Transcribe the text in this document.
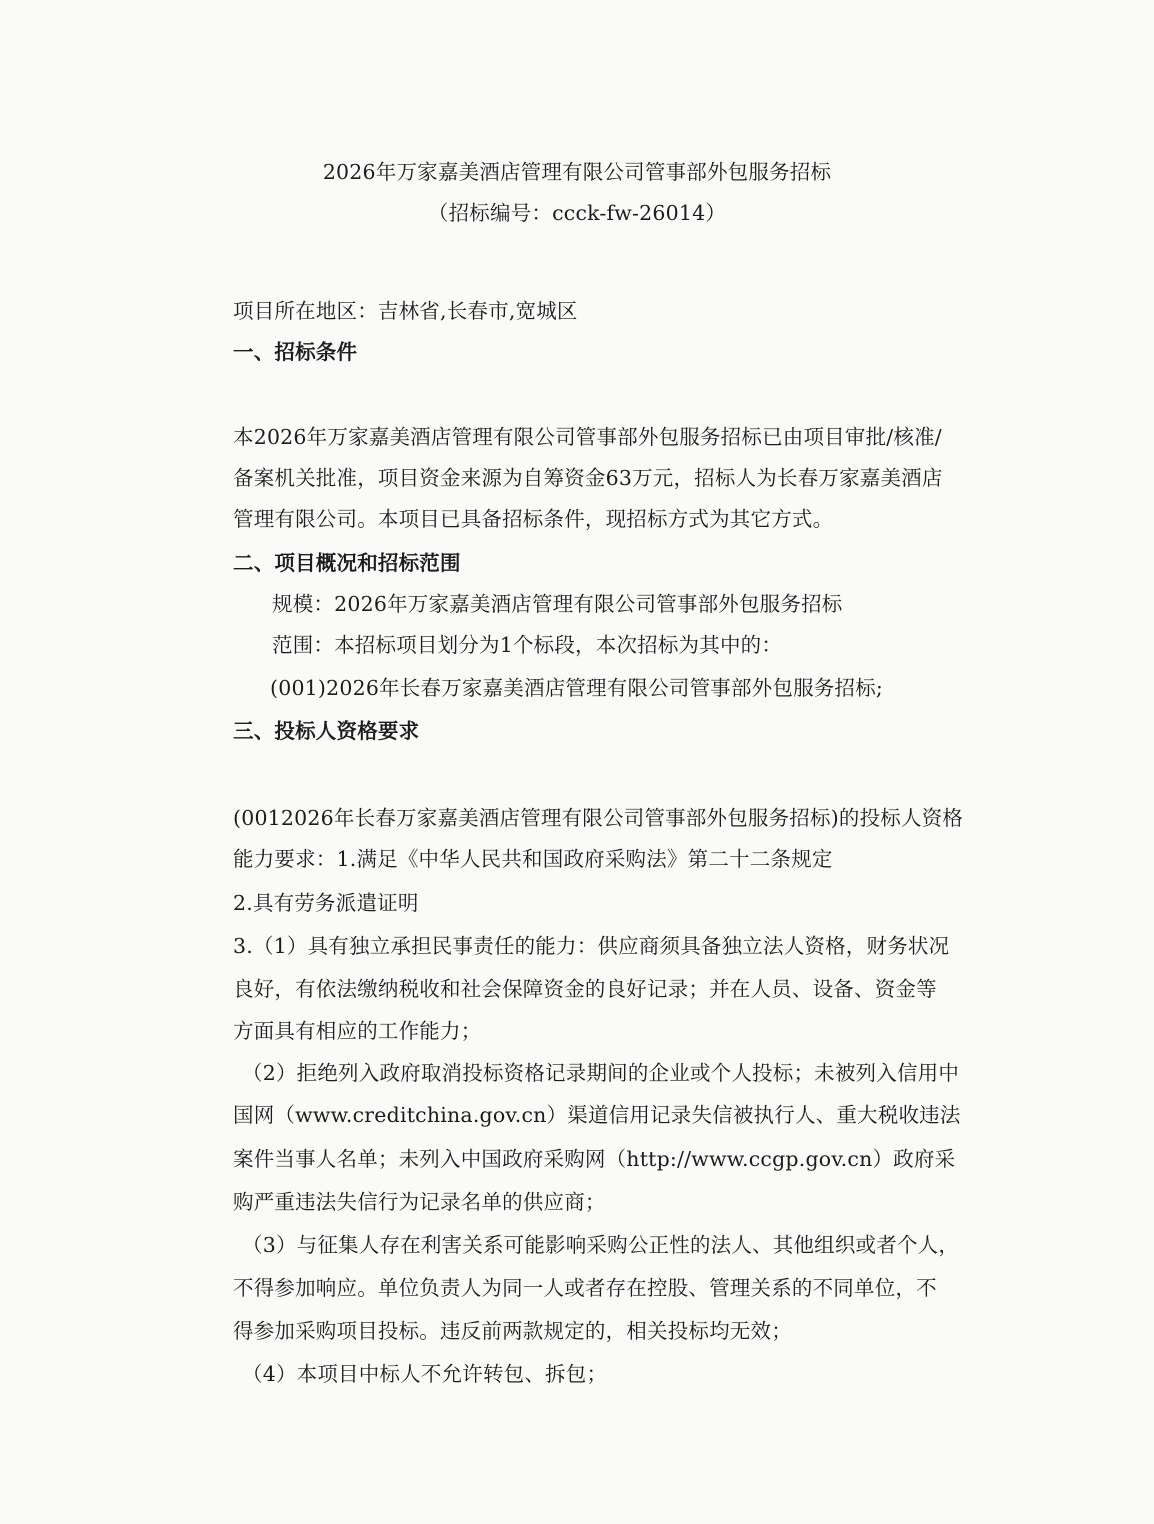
2026年万家嘉美酒店管理有限公司管事部外包服务招标
（招标编号：ccck-fw-26014）
项目所在地区：吉林省,长春市,宽城区
一、招标条件
本2026年万家嘉美酒店管理有限公司管事部外包服务招标已由项目审批/核准/
备案机关批准，项目资金来源为自筹资金63万元，招标人为长春万家嘉美酒店
管理有限公司。本项目已具备招标条件，现招标方式为其它方式。
二、项目概况和招标范围
规模：2026年万家嘉美酒店管理有限公司管事部外包服务招标
范围：本招标项目划分为1个标段，本次招标为其中的：
(001)2026年长春万家嘉美酒店管理有限公司管事部外包服务招标;
三、投标人资格要求
(0012026年长春万家嘉美酒店管理有限公司管事部外包服务招标)的投标人资格
能力要求：1.满足《中华人民共和国政府采购法》第二十二条规定
2.具有劳务派遣证明
3.（1）具有独立承担民事责任的能力：供应商须具备独立法人资格，财务状况
良好，有依法缴纳税收和社会保障资金的良好记录；并在人员、设备、资金等
方面具有相应的工作能力；
（2）拒绝列入政府取消投标资格记录期间的企业或个人投标；未被列入信用中
国网（www.creditchina.gov.cn）渠道信用记录失信被执行人、重大税收违法
案件当事人名单；未列入中国政府采购网（http://www.ccgp.gov.cn）政府采
购严重违法失信行为记录名单的供应商；
（3）与征集人存在利害关系可能影响采购公正性的法人、其他组织或者个人，
不得参加响应。单位负责人为同一人或者存在控股、管理关系的不同单位，不
得参加采购项目投标。违反前两款规定的，相关投标均无效；
（4）本项目中标人不允许转包、拆包；
